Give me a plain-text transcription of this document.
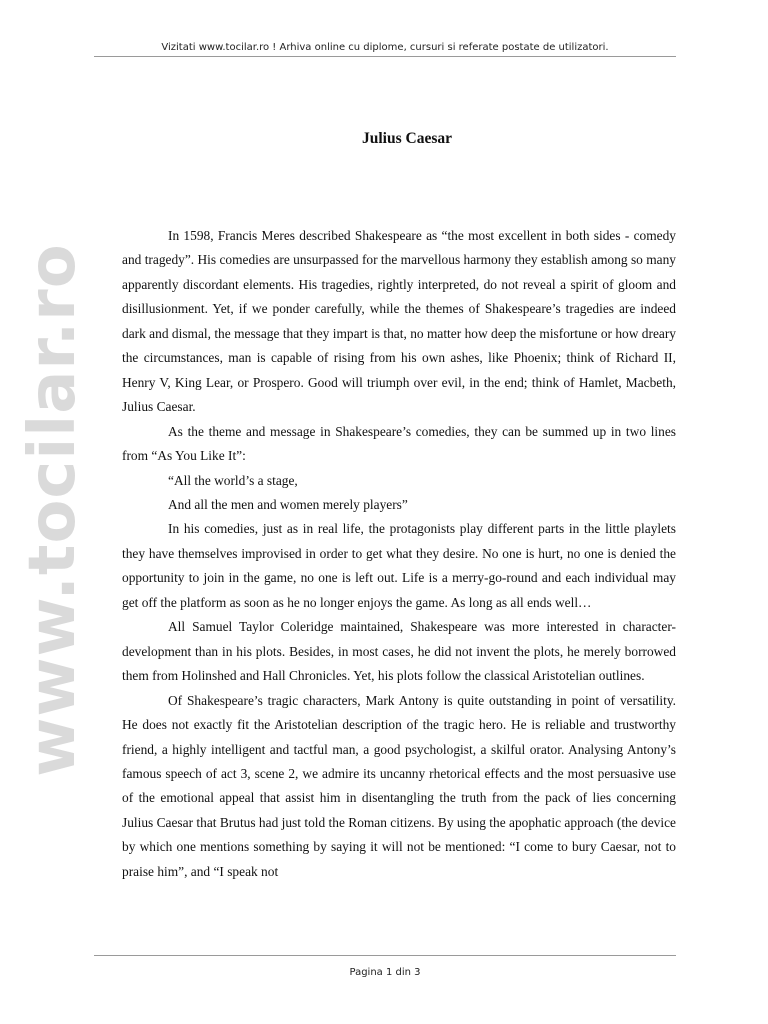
Vizitati www.tocilar.ro ! Arhiva online cu diplome, cursuri si referate postate de utilizatori.
www.tocilar.ro
Julius Caesar

In 1598, Francis Meres described Shakespeare as “the most excellent in both sides - comedy and tragedy”. His comedies are unsurpassed for the marvellous harmony they establish among so many apparently discordant elements. His tragedies, rightly interpreted, do not reveal a spirit of gloom and disillusionment. Yet, if we ponder carefully, while the themes of Shakespeare’s tragedies are indeed dark and dismal, the message that they impart is that, no matter how deep the misfortune or how dreary the circumstances, man is capable of rising from his own ashes, like Phoenix; think of Richard II, Henry V, King Lear, or Prospero. Good will triumph over evil, in the end; think of Hamlet, Macbeth, Julius Caesar.

As the theme and message in Shakespeare’s comedies, they can be summed up in two lines from “As You Like It”:

“All the world’s a stage,

And all the men and women merely players”

In his comedies, just as in real life, the protagonists play different parts in the little playlets they have themselves improvised in order to get what they desire. No one is hurt, no one is denied the opportunity to join in the game, no one is left out. Life is a merry-go-round and each individual may get off the platform as soon as he no longer enjoys the game. As long as all ends well…

All Samuel Taylor Coleridge maintained, Shakespeare was more interested in character-development than in his plots. Besides, in most cases, he did not invent the plots, he merely borrowed them from Holinshed and Hall Chronicles. Yet, his plots follow the classical Aristotelian outlines.

Of Shakespeare’s tragic characters, Mark Antony is quite outstanding in point of versatility. He does not exactly fit the Aristotelian description of the tragic hero. He is reliable and trustworthy friend, a highly intelligent and tactful man, a good psychologist, a skilful orator. Analysing Antony’s famous speech of act 3, scene 2, we admire its uncanny rhetorical effects and the most persuasive use of the emotional appeal that assist him in disentangling the truth from the pack of lies concerning Julius Caesar that Brutus had just told the Roman citizens. By using the apophatic approach (the device by which one mentions something by saying it will not be mentioned: “I come to bury Caesar, not to praise him”, and “I speak not

Pagina 1 din 3
